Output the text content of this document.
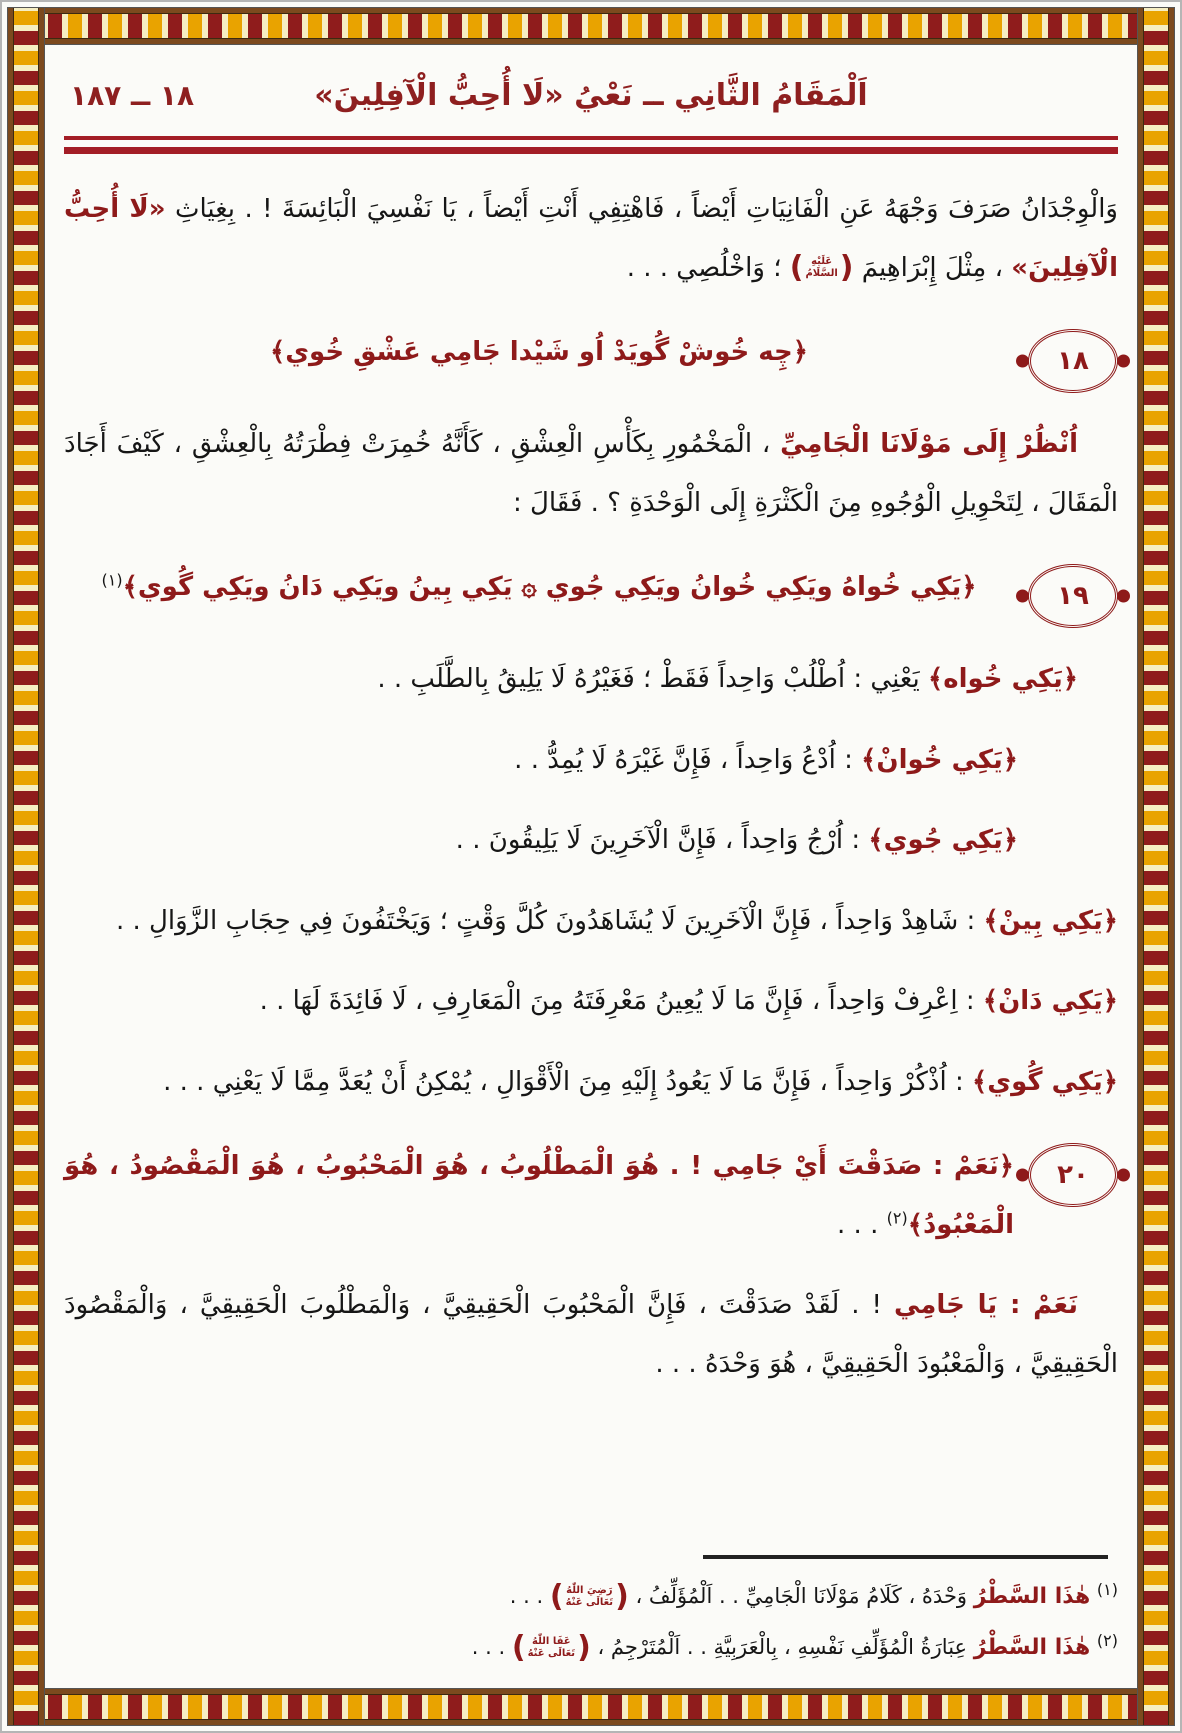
اَلْمَقَامُ الثَّانِي ــ نَعْيُ «لَا أُحِبُّ الْآفِلِينَ»
١٨ ــ ١٨٧

وَالْوِجْدَانُ صَرَفَ وَجْهَهُ عَنِ الْفَانِيَاتِ أَيْضاً ، فَاهْتِفِي أَنْتِ أَيْضاً ، يَا نَفْسِيَ الْبَائِسَةَ ! . بِغِيَاثِ «لَا أُحِبُّ الْآفِلِينَ» ، مِثْلَ إِبْرَاهِيمَ
(
عَلَيْهِ
السَّلَامُ
)
؛ وَاخْلُصِي . . .

١٨
﴿چِه خُوشْ گُويَدْ اُو شَيْدا جَامِي عَشْقِ خُوي﴾

اُنْظُرْ إِلَى مَوْلَانَا الْجَامِيِّ ، الْمَخْمُورِ بِكَأْسِ الْعِشْقِ ، كَأَنَّهُ خُمِرَتْ فِطْرَتُهُ بِالْعِشْقِ ، كَيْفَ أَجَادَ الْمَقَالَ ، لِتَحْوِيلِ الْوُجُوهِ مِنَ الْكَثْرَةِ إِلَى الْوَحْدَةِ ؟ . فَقَالَ :

١٩
﴿يَكِي خُواهُ ويَكِي خُوانُ ويَكِي جُوي ۞ يَكِي بِينُ ويَكِي دَانُ ويَكِي گُوي﴾$^{(١)}$

﴿يَكِي خُواه﴾ يَعْنِي : اُطْلُبْ وَاحِداً فَقَطْ ؛ فَغَيْرُهُ لَا يَلِيقُ بِالطَّلَبِ . .

﴿يَكِي خُوانْ﴾ : اُدْعُ وَاحِداً ، فَإِنَّ غَيْرَهُ لَا يُمِدُّ . .

﴿يَكِي جُوي﴾ : اُرْجُ وَاحِداً ، فَإِنَّ الْآخَرِينَ لَا يَلِيقُونَ . .

﴿يَكِي بِينْ﴾ : شَاهِدْ وَاحِداً ، فَإِنَّ الْآخَرِينَ لَا يُشَاهَدُونَ كُلَّ وَقْتٍ ؛ وَيَخْتَفُونَ فِي حِجَابِ الزَّوَالِ . .

﴿يَكِي دَانْ﴾ : اِعْرِفْ وَاحِداً ، فَإِنَّ مَا لَا يُعِينُ مَعْرِفَتَهُ مِنَ الْمَعَارِفِ ، لَا فَائِدَةَ لَهَا . .

﴿يَكِي گُوي﴾ : اُذْكُرْ وَاحِداً ، فَإِنَّ مَا لَا يَعُودُ إِلَيْهِ مِنَ الْأَقْوَالِ ، يُمْكِنُ أَنْ يُعَدَّ مِمَّا لَا يَعْنِي . . .

٢٠
﴿نَعَمْ : صَدَقْتَ أَيْ جَامِي ! . هُوَ الْمَطْلُوبُ ، هُوَ الْمَحْبُوبُ ، هُوَ الْمَقْصُودُ ، هُوَ الْمَعْبُودُ﴾$^{(٢)}$ . . .

نَعَمْ : يَا جَامِي ! . لَقَدْ صَدَقْتَ ، فَإِنَّ الْمَحْبُوبَ الْحَقِيقِيَّ ، وَالْمَطْلُوبَ الْحَقِيقِيَّ ، وَالْمَقْصُودَ الْحَقِيقِيَّ ، وَالْمَعْبُودَ الْحَقِيقِيَّ ، هُوَ وَحْدَهُ . . .

$^{(١)}$ هٰذَا السَّطْرُ وَحْدَهُ ، كَلَامُ مَوْلَانَا الْجَامِيِّ . . اَلْمُؤَلِّفُ ،
(
رَضِيَ اللّٰهُ
تَعَالَى عَنْهُ
)
. . .

$^{(٢)}$ هٰذَا السَّطْرُ عِبَارَةُ الْمُؤَلِّفِ نَفْسِهِ ، بِالْعَرَبِيَّةِ . . اَلْمُتَرْجِمُ ،
(
عَفَا اللّٰهُ
تَعَالَى عَنْهُ
)
. . .
